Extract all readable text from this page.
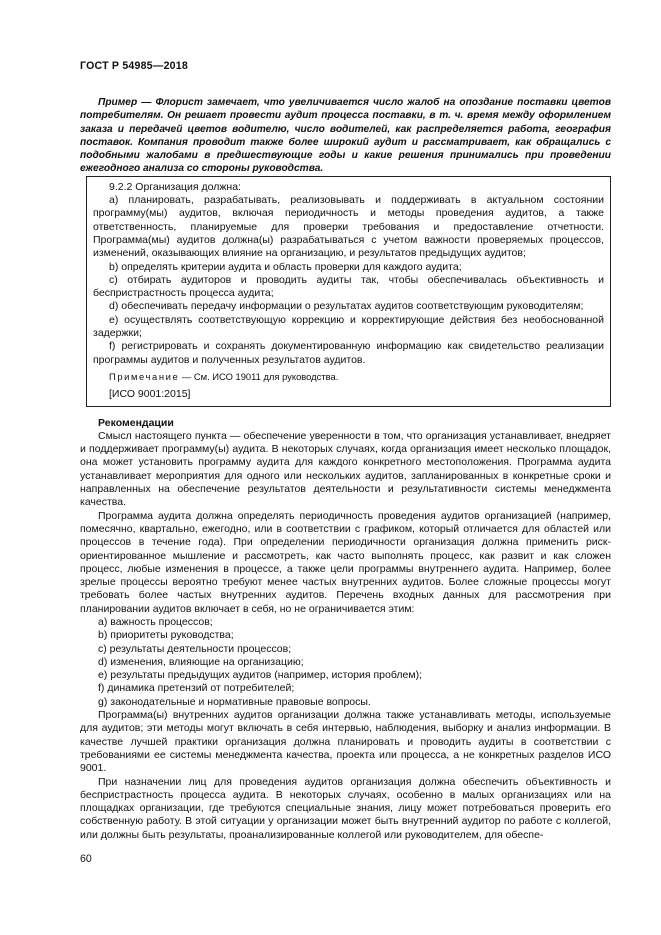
ГОСТ Р 54985—2018

Пример — Флорист замечает, что увеличивается число жалоб на опоздание поставки цветов потребителям. Он решает провести аудит процесса поставки, в т. ч. время между оформлением заказа и передачей цветов водителю, число водителей, как распределяется работа, география поставок. Компания проводит также более широкий аудит и рассматривает, как обращались с подобными жалобами в предшествующие годы и какие решения принимались при проведении ежегодного анализа со стороны руководства.

9.2.2 Организация должна:

a) планировать, разрабатывать, реализовывать и поддерживать в актуальном состоянии программу(мы) аудитов, включая периодичность и методы проведения аудитов, а также ответственность, планируемые для проверки требования и предоставление отчетности. Программа(мы) аудитов должна(ы) разрабатываться с учетом важности проверяемых процессов, изменений, оказывающих влияние на организацию, и результатов предыдущих аудитов;

b) определять критерии аудита и область проверки для каждого аудита;

c) отбирать аудиторов и проводить аудиты так, чтобы обеспечивалась объективность и беспристрастность процесса аудита;

d) обеспечивать передачу информации о результатах аудитов соответствующим руководителям;

e) осуществлять соответствующую коррекцию и корректирующие действия без необоснованной задержки;

f) регистрировать и сохранять документированную информацию как свидетельство реализации программы аудитов и полученных результатов аудитов.

Примечание — См. ИСО 19011 для руководства.

[ИСО 9001:2015]

Рекомендации

Смысл настоящего пункта — обеспечение уверенности в том, что организация устанавливает, внедряет и поддерживает программу(ы) аудита. В некоторых случаях, когда организация имеет несколько площадок, она может установить программу аудита для каждого конкретного местоположения. Программа аудита устанавливает мероприятия для одного или нескольких аудитов, запланированных в конкретные сроки и направленных на обеспечение результатов деятельности и результативности системы менеджмента качества.

Программа аудита должна определять периодичность проведения аудитов организацией (например, помесячно, квартально, ежегодно, или в соответствии с графиком, который отличается для областей или процессов в течение года). При определении периодичности организация должна применить риск-ориентированное мышление и рассмотреть, как часто выполнять процесс, как развит и как сложен процесс, любые изменения в процессе, а также цели программы внутреннего аудита. Например, более зрелые процессы вероятно требуют менее частых внутренних аудитов. Более сложные процессы могут требовать более частых внутренних аудитов. Перечень входных данных для рассмотрения при планировании аудитов включает в себя, но не ограничивается этим:

a) важность процессов;

b) приоритеты руководства;

c) результаты деятельности процессов;

d) изменения, влияющие на организацию;

e) результаты предыдущих аудитов (например, история проблем);

f) динамика претензий от потребителей;

g) законодательные и нормативные правовые вопросы.

Программа(ы) внутренних аудитов организации должна также устанавливать методы, используемые для аудитов; эти методы могут включать в себя интервью, наблюдения, выборку и анализ информации. В качестве лучшей практики организация должна планировать и проводить аудиты в соответствии с требованиями ее системы менеджмента качества, проекта или процесса, а не конкретных разделов ИСО 9001.

При назначении лиц для проведения аудитов организация должна обеспечить объективность и беспристрастность процесса аудита. В некоторых случаях, особенно в малых организациях или на площадках организации, где требуются специальные знания, лицу может потребоваться проверить его собственную работу. В этой ситуации у организации может быть внутренний аудитор по работе с коллегой, или должны быть результаты, проанализированные коллегой или руководителем, для обеспе-

60
